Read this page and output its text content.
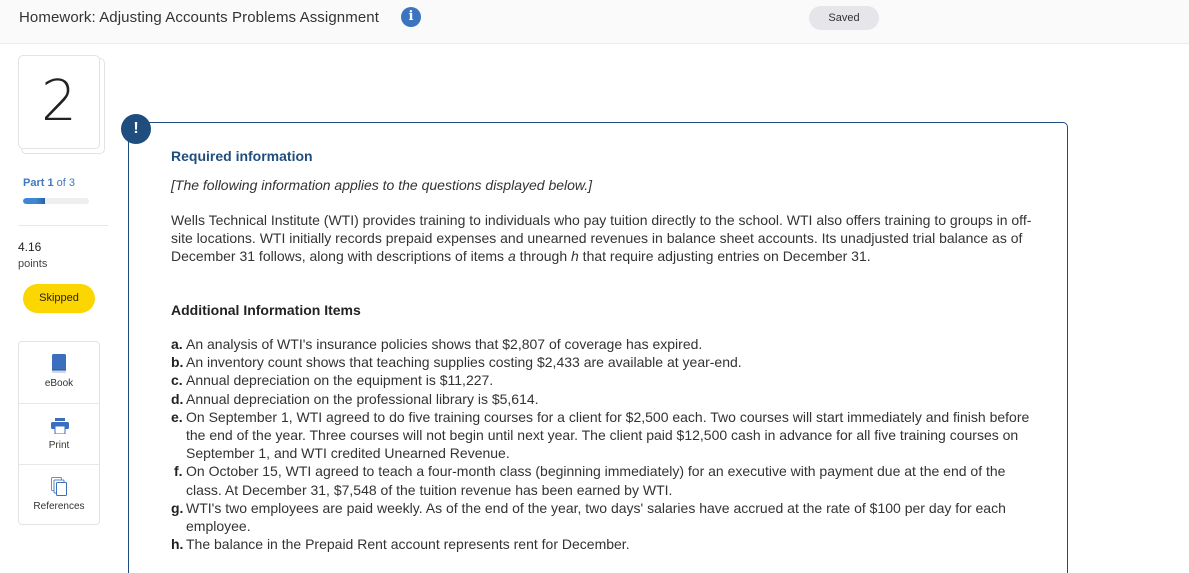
Homework: Adjusting Accounts Problems Assignment	i	Saved
2
Part 1 of 3
4.16
points
Skipped
eBook
Print
References
!
Required information
[The following information applies to the questions displayed below.]
Wells Technical Institute (WTI) provides training to individuals who pay tuition directly to the school. WTI also offers training to groups in off-site locations. WTI initially records prepaid expenses and unearned revenues in balance sheet accounts. Its unadjusted trial balance as of December 31 follows, along with descriptions of items a through h that require adjusting entries on December 31.
Additional Information Items
a. An analysis of WTI's insurance policies shows that $2,807 of coverage has expired.
b. An inventory count shows that teaching supplies costing $2,433 are available at year-end.
c. Annual depreciation on the equipment is $11,227.
d. Annual depreciation on the professional library is $5,614.
e. On September 1, WTI agreed to do five training courses for a client for $2,500 each. Two courses will start immediately and finish before the end of the year. Three courses will not begin until next year. The client paid $12,500 cash in advance for all five training courses on September 1, and WTI credited Unearned Revenue.
f. On October 15, WTI agreed to teach a four-month class (beginning immediately) for an executive with payment due at the end of the class. At December 31, $7,548 of the tuition revenue has been earned by WTI.
g. WTI's two employees are paid weekly. As of the end of the year, two days' salaries have accrued at the rate of $100 per day for each employee.
h. The balance in the Prepaid Rent account represents rent for December.
